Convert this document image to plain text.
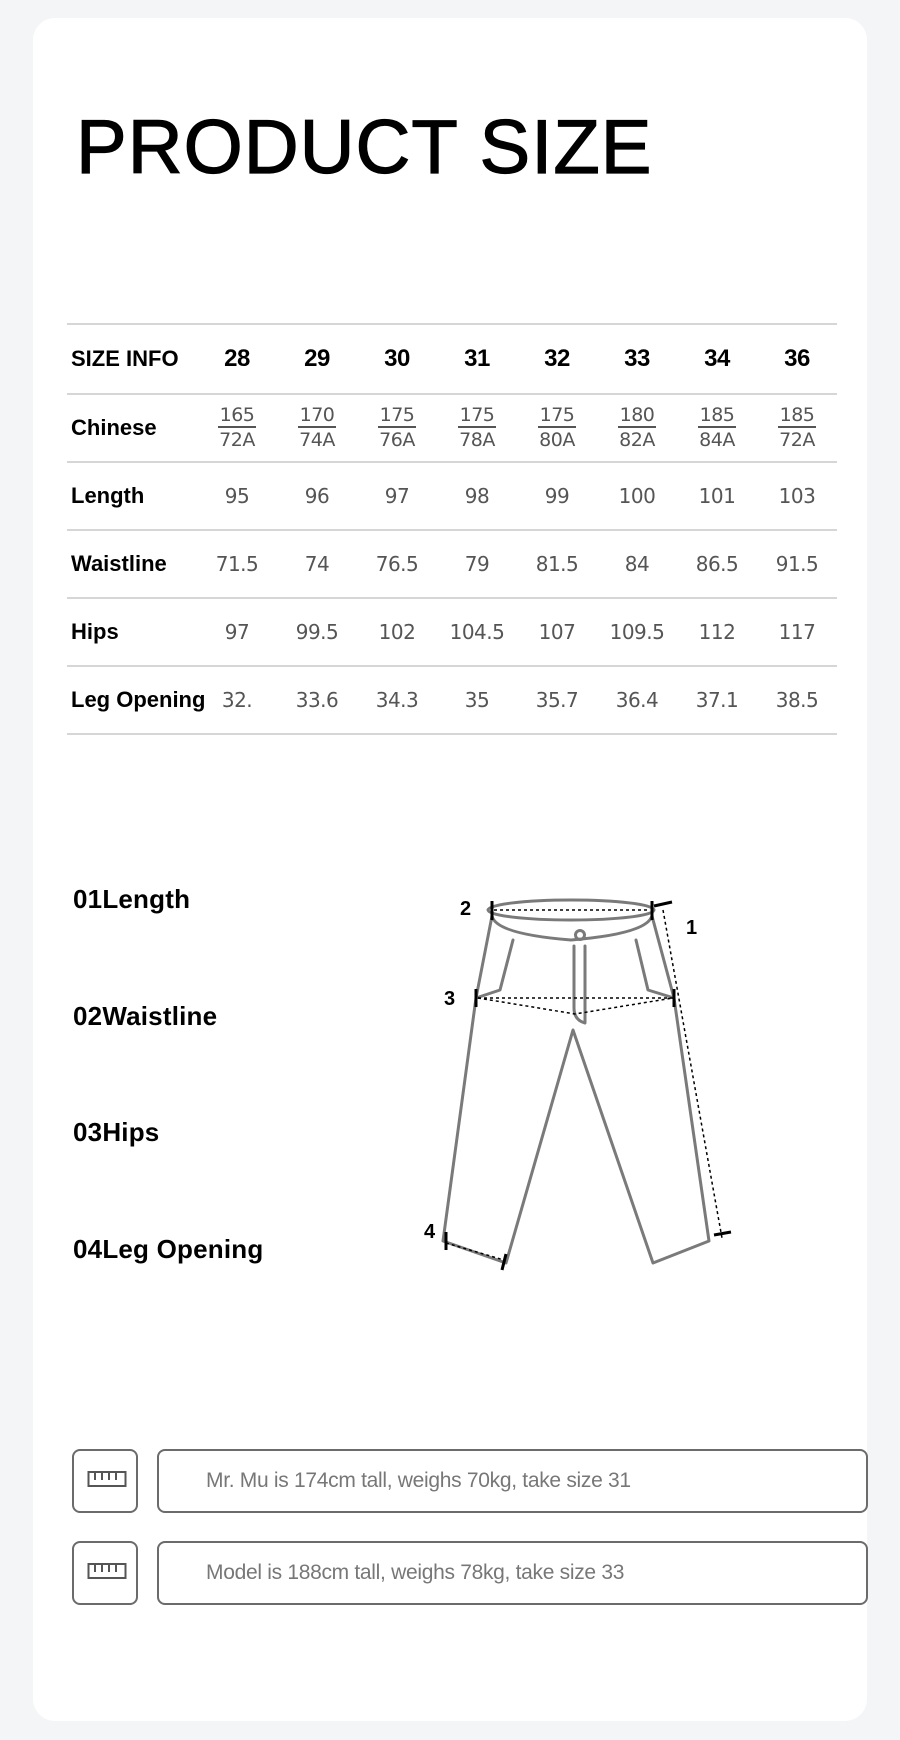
PRODUCT SIZE
SIZE INFO	28	29	30	31	32	33	34	36
Chinese	$\frac{165}{72A}$	$\frac{170}{74A}$	$\frac{175}{76A}$	$\frac{175}{78A}$	$\frac{175}{80A}$	$\frac{180}{82A}$	$\frac{185}{84A}$	$\frac{185}{72A}$

Length	95	96	97	98	99	100	101	103
Waistline	71.5	74	76.5	79	81.5	84	86.5	91.5
Hips	97	99.5	102	104.5	107	109.5	112	117
Leg Opening	32.	33.6	34.3	35	35.7	36.4	37.1	38.5

01Length

02Waistline

03Hips

04Leg Opening

1
2
3
4
Mr. Mu is 174cm tall, weighs 70kg, take size 31
Model is 188cm tall, weighs 78kg, take size 33
